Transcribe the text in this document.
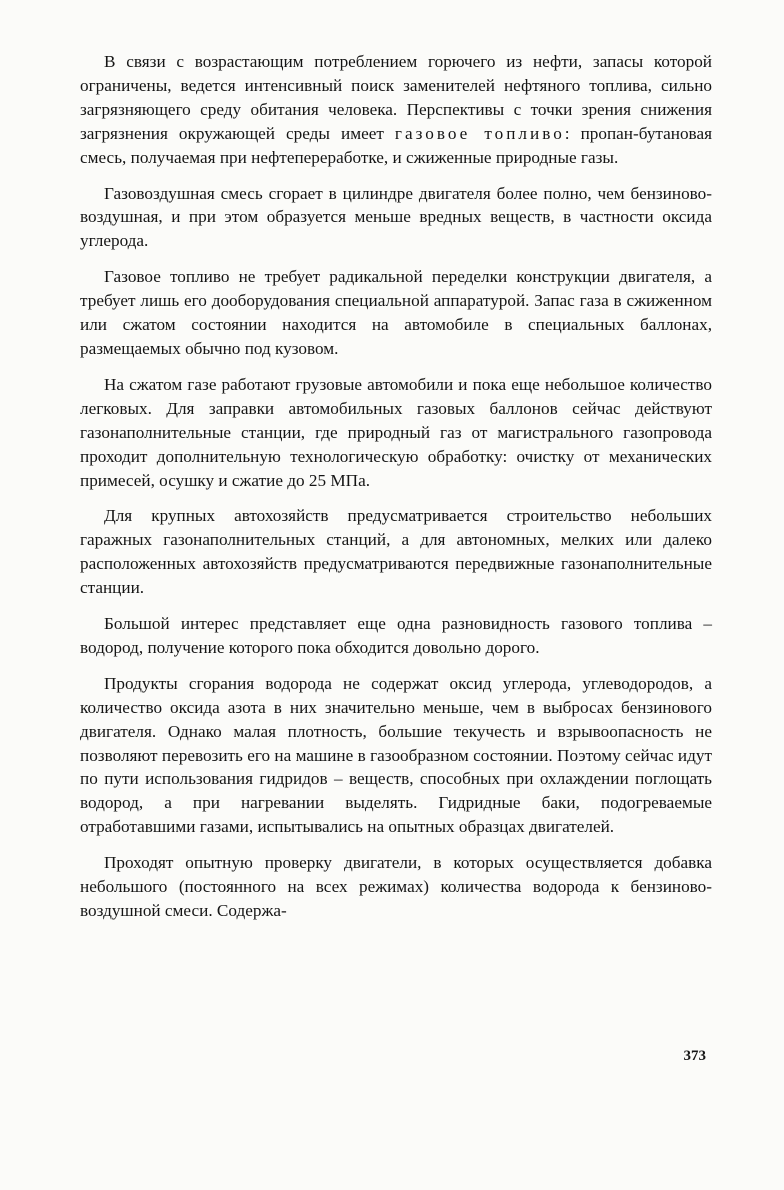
В связи с возрастающим потреблением горючего из нефти, запасы которой ограничены, ведется интенсивный поиск заменителей нефтяного топлива, сильно загрязняющего среду обитания человека. Перспективы с точки зрения снижения загрязнения окружающей среды имеет газовое топливо: пропан-бутановая смесь, получаемая при нефтепереработке, и сжиженные природные газы.

Газовоздушная смесь сгорает в цилиндре двигателя более полно, чем бензиново-воздушная, и при этом образуется меньше вредных веществ, в частности оксида углерода.

Газовое топливо не требует радикальной переделки конструкции двигателя, а требует лишь его дооборудования специальной аппаратурой. Запас газа в сжиженном или сжатом состоянии находится на автомобиле в специальных баллонах, размещаемых обычно под кузовом.

На сжатом газе работают грузовые автомобили и пока еще небольшое количество легковых. Для заправки автомобильных газовых баллонов сейчас действуют газонаполнительные станции, где природный газ от магистрального газопровода проходит дополнительную технологическую обработку: очистку от механических примесей, осушку и сжатие до 25 МПа.

Для крупных автохозяйств предусматривается строительство небольших гаражных газонаполнительных станций, а для автономных, мелких или далеко расположенных автохозяйств предусматриваются передвижные газонаполнительные станции.

Большой интерес представляет еще одна разновидность газового топлива – водород, получение которого пока обходится довольно дорого.

Продукты сгорания водорода не содержат оксид углерода, углеводородов, а количество оксида азота в них значительно меньше, чем в выбросах бензинового двигателя. Однако малая плотность, большие текучесть и взрывоопасность не позволяют перевозить его на машине в газообразном состоянии. Поэтому сейчас идут по пути использования гидридов – веществ, способных при охлаждении поглощать водород, а при нагревании выделять. Гидридные баки, подогреваемые отработавшими газами, испытывались на опытных образцах двигателей.

Проходят опытную проверку двигатели, в которых осуществляется добавка небольшого (постоянного на всех режимах) количества водорода к бензиново-воздушной смеси. Содержа-

373
